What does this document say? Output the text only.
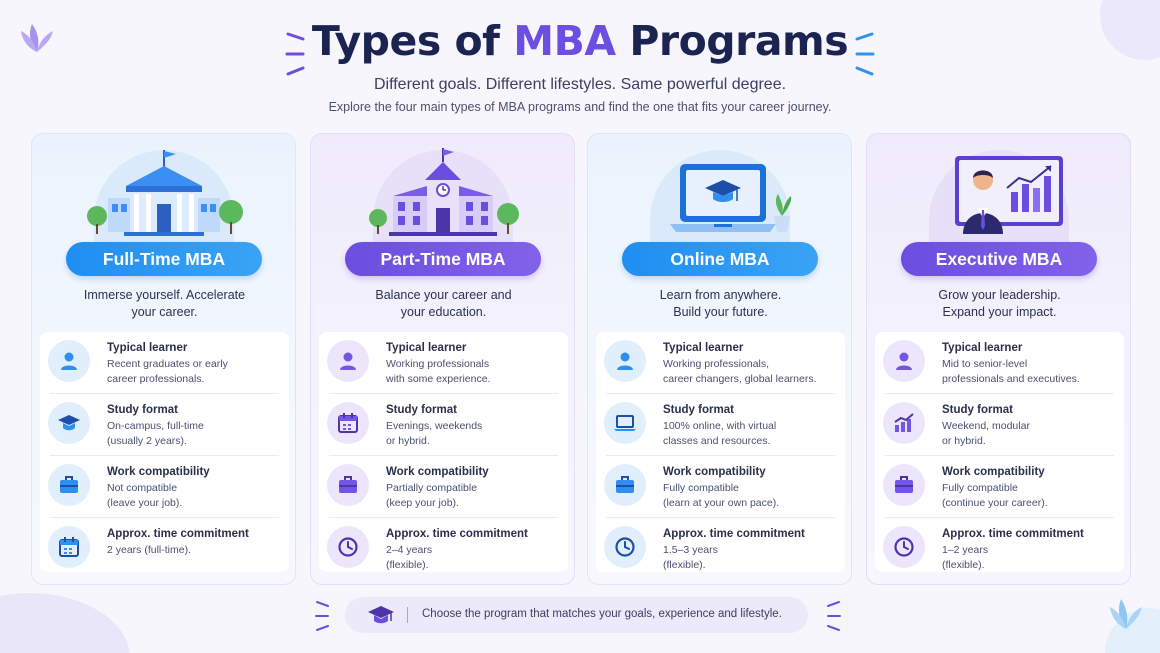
Types of MBA Programs
Different goals. Different lifestyles. Same powerful degree.
Explore the four main types of MBA programs and find the one that fits your career journey.
Full-Time MBA
Immerse yourself. Accelerate
your career.
Typical learner
Recent graduates or early
career professionals.
Study format
On-campus, full-time
(usually 2 years).
Work compatibility
Not compatible
(leave your job).
Approx. time commitment
2 years (full-time).
Part-Time MBA
Balance your career and
your education.
Typical learner
Working professionals
with some experience.
Study format
Evenings, weekends
or hybrid.
Work compatibility
Partially compatible
(keep your job).
Approx. time commitment
2–4 years
(flexible).
Online MBA
Learn from anywhere.
Build your future.
Typical learner
Working professionals,
career changers, global learners.
Study format
100% online, with virtual
classes and resources.
Work compatibility
Fully compatible
(learn at your own pace).
Approx. time commitment
1.5–3 years
(flexible).
Executive MBA
Grow your leadership.
Expand your impact.
Typical learner
Mid to senior-level
professionals and executives.
Study format
Weekend, modular
or hybrid.
Work compatibility
Fully compatible
(continue your career).
Approx. time commitment
1–2 years
(flexible).
Choose the program that matches your goals, experience and lifestyle.
